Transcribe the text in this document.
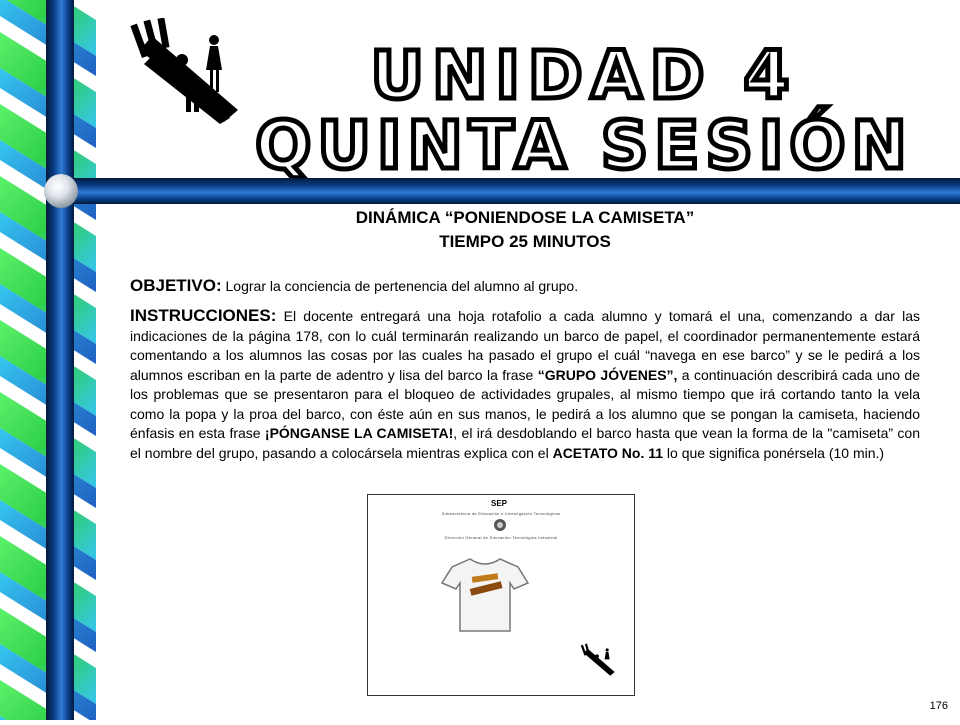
UNIDAD 4
QUINTA SESIÓN
DINÁMICA “PONIENDOSE LA CAMISETA”
TIEMPO 25 MINUTOS
OBJETIVO: Lograr la conciencia de pertenencia del alumno al grupo.
INSTRUCCIONES: El docente entregará una hoja rotafolio a cada alumno y tomará el una, comenzando a dar las indicaciones de la página 178, con lo cuál terminarán realizando un barco de papel, el coordinador permanentemente estará comentando a los alumnos las cosas por las cuales ha pasado el grupo el cuál “navega en ese barco” y se le pedirá a los alumnos escriban en la parte de adentro y lisa del barco la frase “GRUPO JÓVENES”, a continuación describirá cada uno de los problemas que se presentaron para el bloqueo de actividades grupales, al mismo tiempo que irá cortando tanto la vela como la popa y la proa del barco, con éste aún en sus manos, le pedirá a los alumno que se pongan la camiseta, haciendo énfasis en esta frase ¡PÓNGANSE LA CAMISETA!, el irá desdoblando el barco hasta que vean la forma de la "camiseta” con el nombre del grupo, pasando a colocársela mientras explica con el ACETATO No. 11 lo que significa ponérsela (10 min.)
SEP
Subsecretaría de Educación e Investigación Tecnológicas
Dirección General de Educación Tecnológica Industrial
176
